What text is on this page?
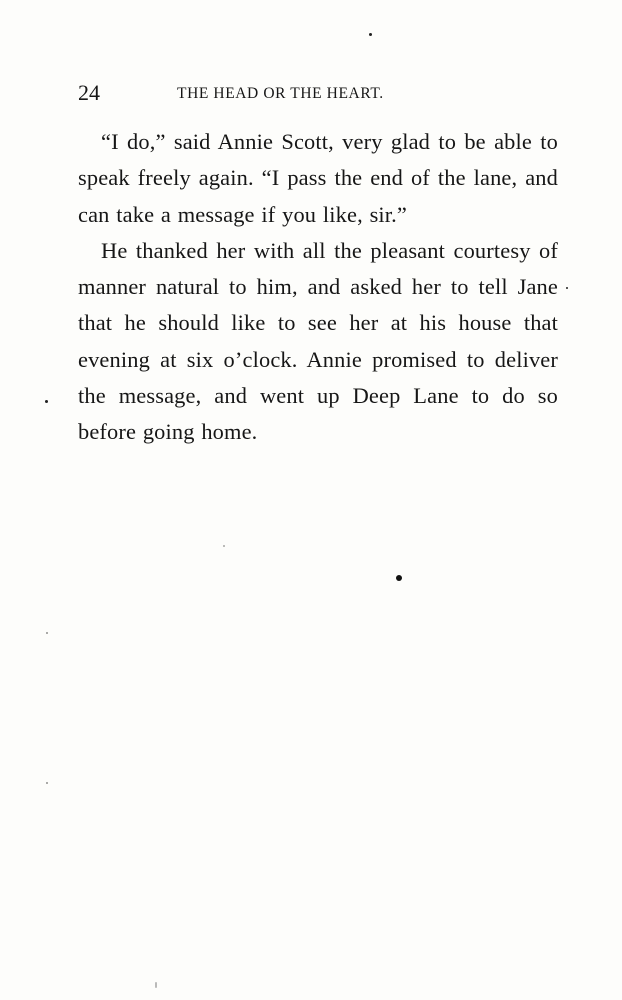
24	THE HEAD OR THE HEART.

“I do,” said Annie Scott, very glad to be able to speak freely again. “I pass the end of the lane, and can take a message if you like, sir.”

He thanked her with all the pleasant courtesy of manner natural to him, and asked her to tell Jane that he should like to see her at his house that evening at six o’clock. Annie promised to deliver the message, and went up Deep Lane to do so before going home.
